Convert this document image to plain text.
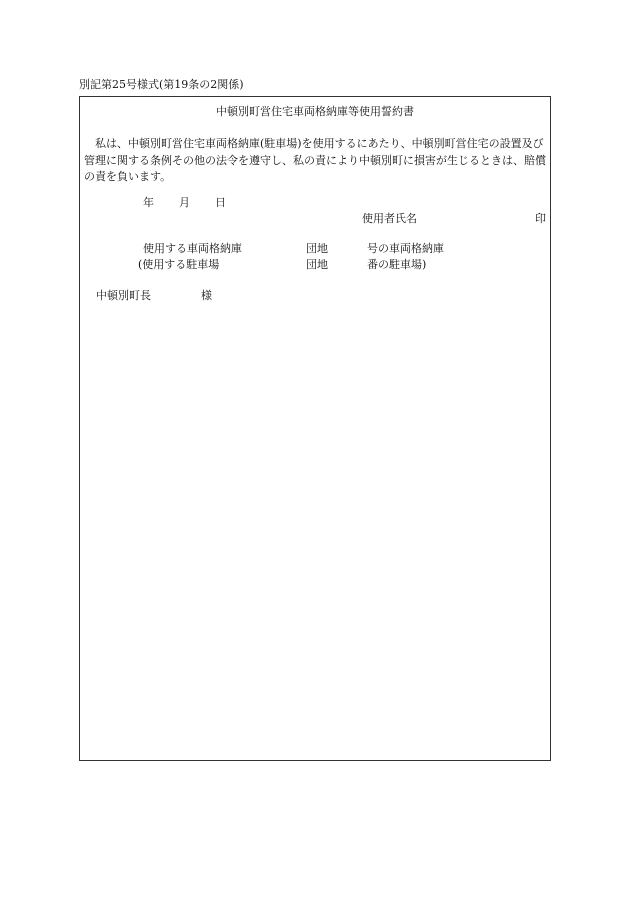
別記第25号様式(第19条の2関係)
中頓別町営住宅車両格納庫等使用誓約書

　私は、中頓別町営住宅車両格納庫(駐車場)を使用するにあたり、中頓別町営住宅の設置及び管理に関する条例その他の法令を遵守し、私の責により中頓別町に損害が生じるときは、賠償の責を負います。

年 月 日
使用者氏名	印
使用する車両格納庫	団地	号の車両格納庫
(使用する駐車場	団地	番の駐車場)
中頓別町長	様
